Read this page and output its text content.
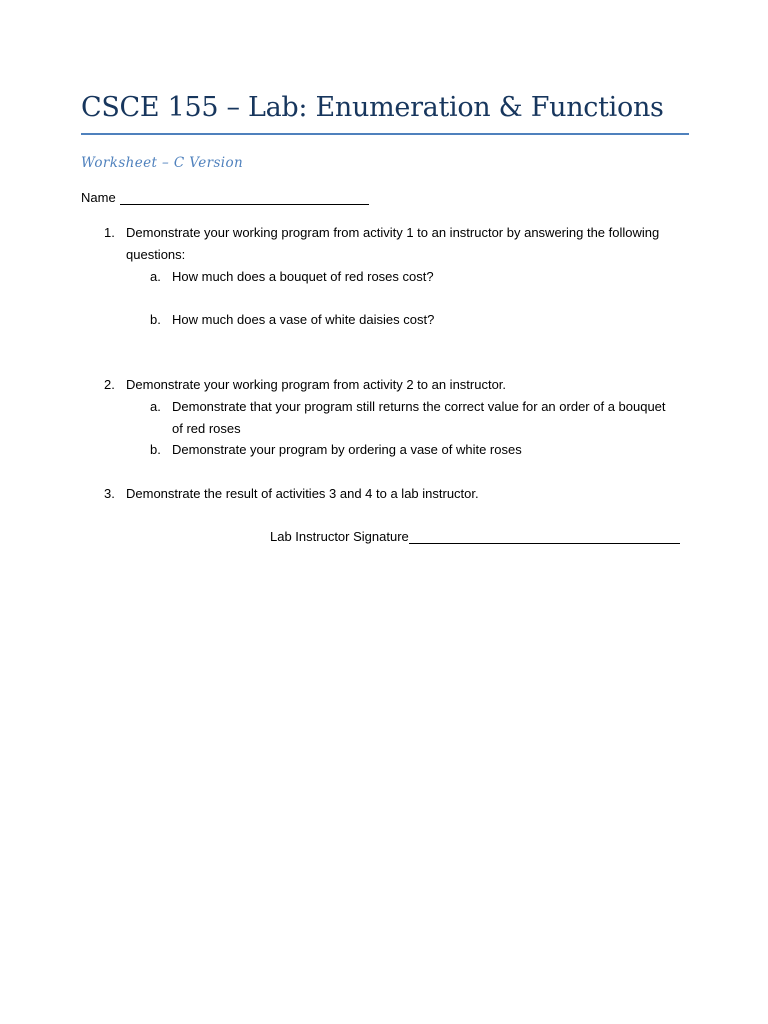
CSCE 155 – Lab: Enumeration & Functions
Worksheet – C Version
Name
1. Demonstrate your working program from activity 1 to an instructor by answering the following questions:
a. How much does a bouquet of red roses cost?
b. How much does a vase of white daisies cost?
2. Demonstrate your working program from activity 2 to an instructor.
a. Demonstrate that your program still returns the correct value for an order of a bouquet of red roses
b. Demonstrate your program by ordering a vase of white roses
3. Demonstrate the result of activities 3 and 4 to a lab instructor.
Lab Instructor Signature
